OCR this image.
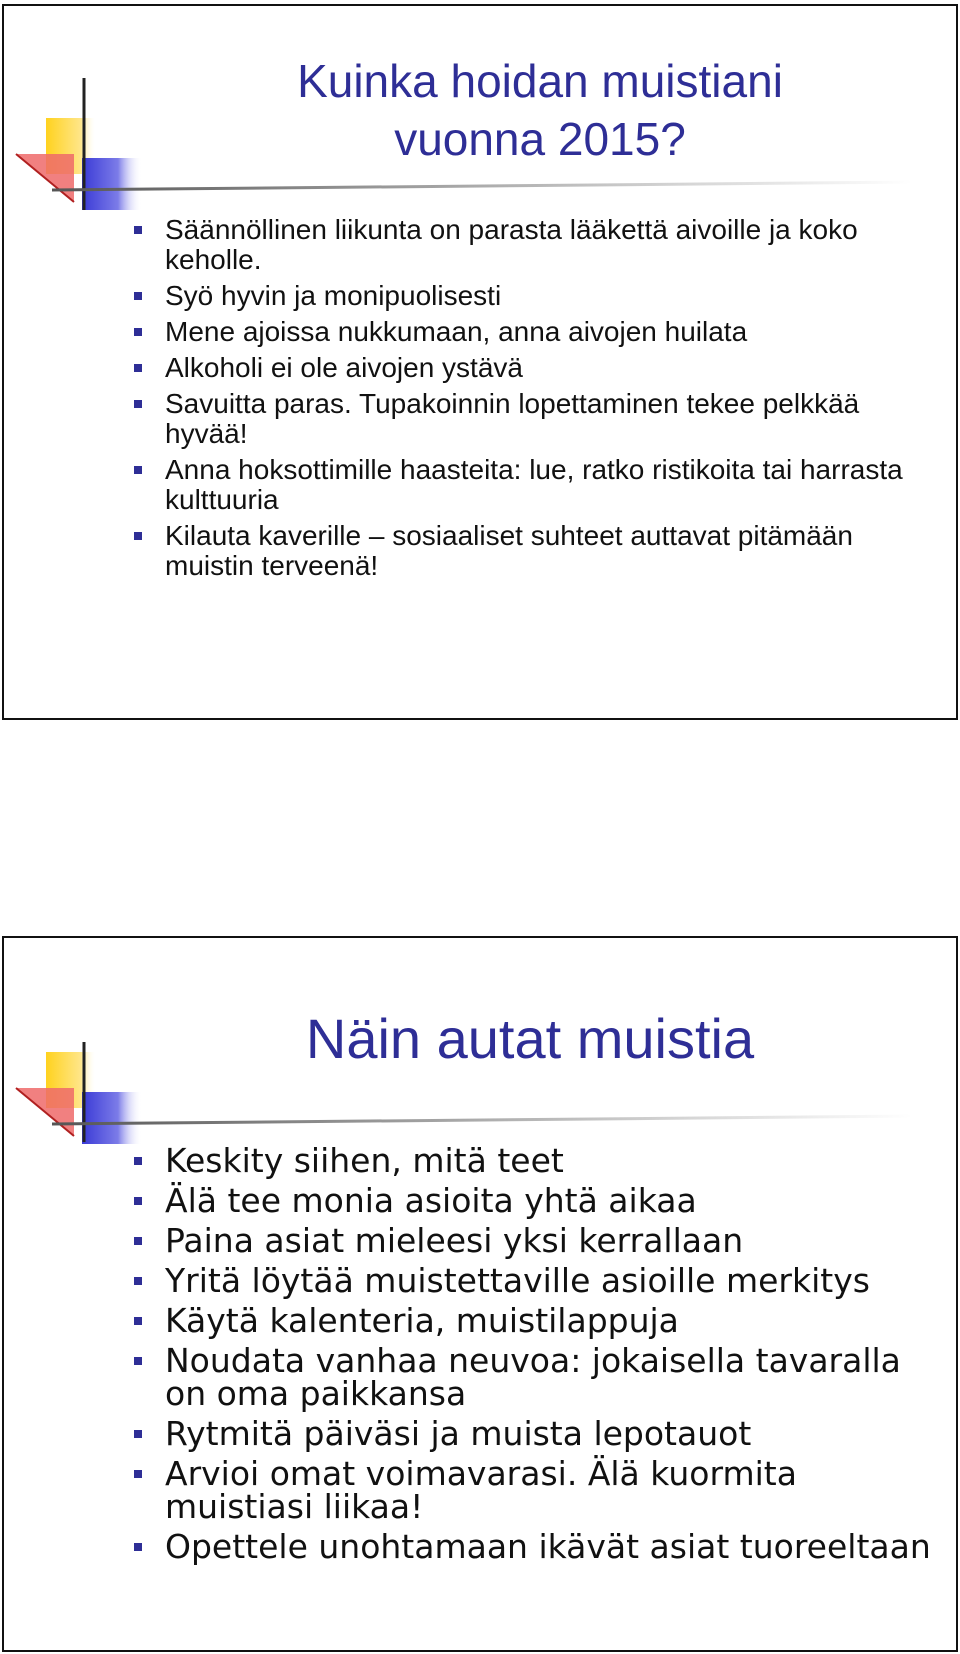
Kuinka hoidan muistiani
vuonna 2015?
Säännöllinen liikunta on parasta lääkettä aivoille ja koko keholle.
Syö hyvin ja monipuolisesti
Mene ajoissa nukkumaan, anna aivojen huilata
Alkoholi ei ole aivojen ystävä
Savuitta paras. Tupakoinnin lopettaminen tekee pelkkää hyvää!
Anna hoksottimille haasteita: lue, ratko ristikoita tai harrasta kulttuuria
Kilauta kaverille – sosiaaliset suhteet auttavat pitämään muistin terveenä!
Näin autat muistia
Keskity siihen, mitä teet
Älä tee monia asioita yhtä aikaa
Paina asiat mieleesi yksi kerrallaan
Yritä löytää muistettaville asioille merkitys
Käytä kalenteria, muistilappuja
Noudata vanhaa neuvoa: jokaisella tavaralla on oma paikkansa
Rytmitä päiväsi ja muista lepotauot
Arvioi omat voimavarasi. Älä kuormita muistiasi liikaa!
Opettele unohtamaan ikävät asiat tuoreeltaan
